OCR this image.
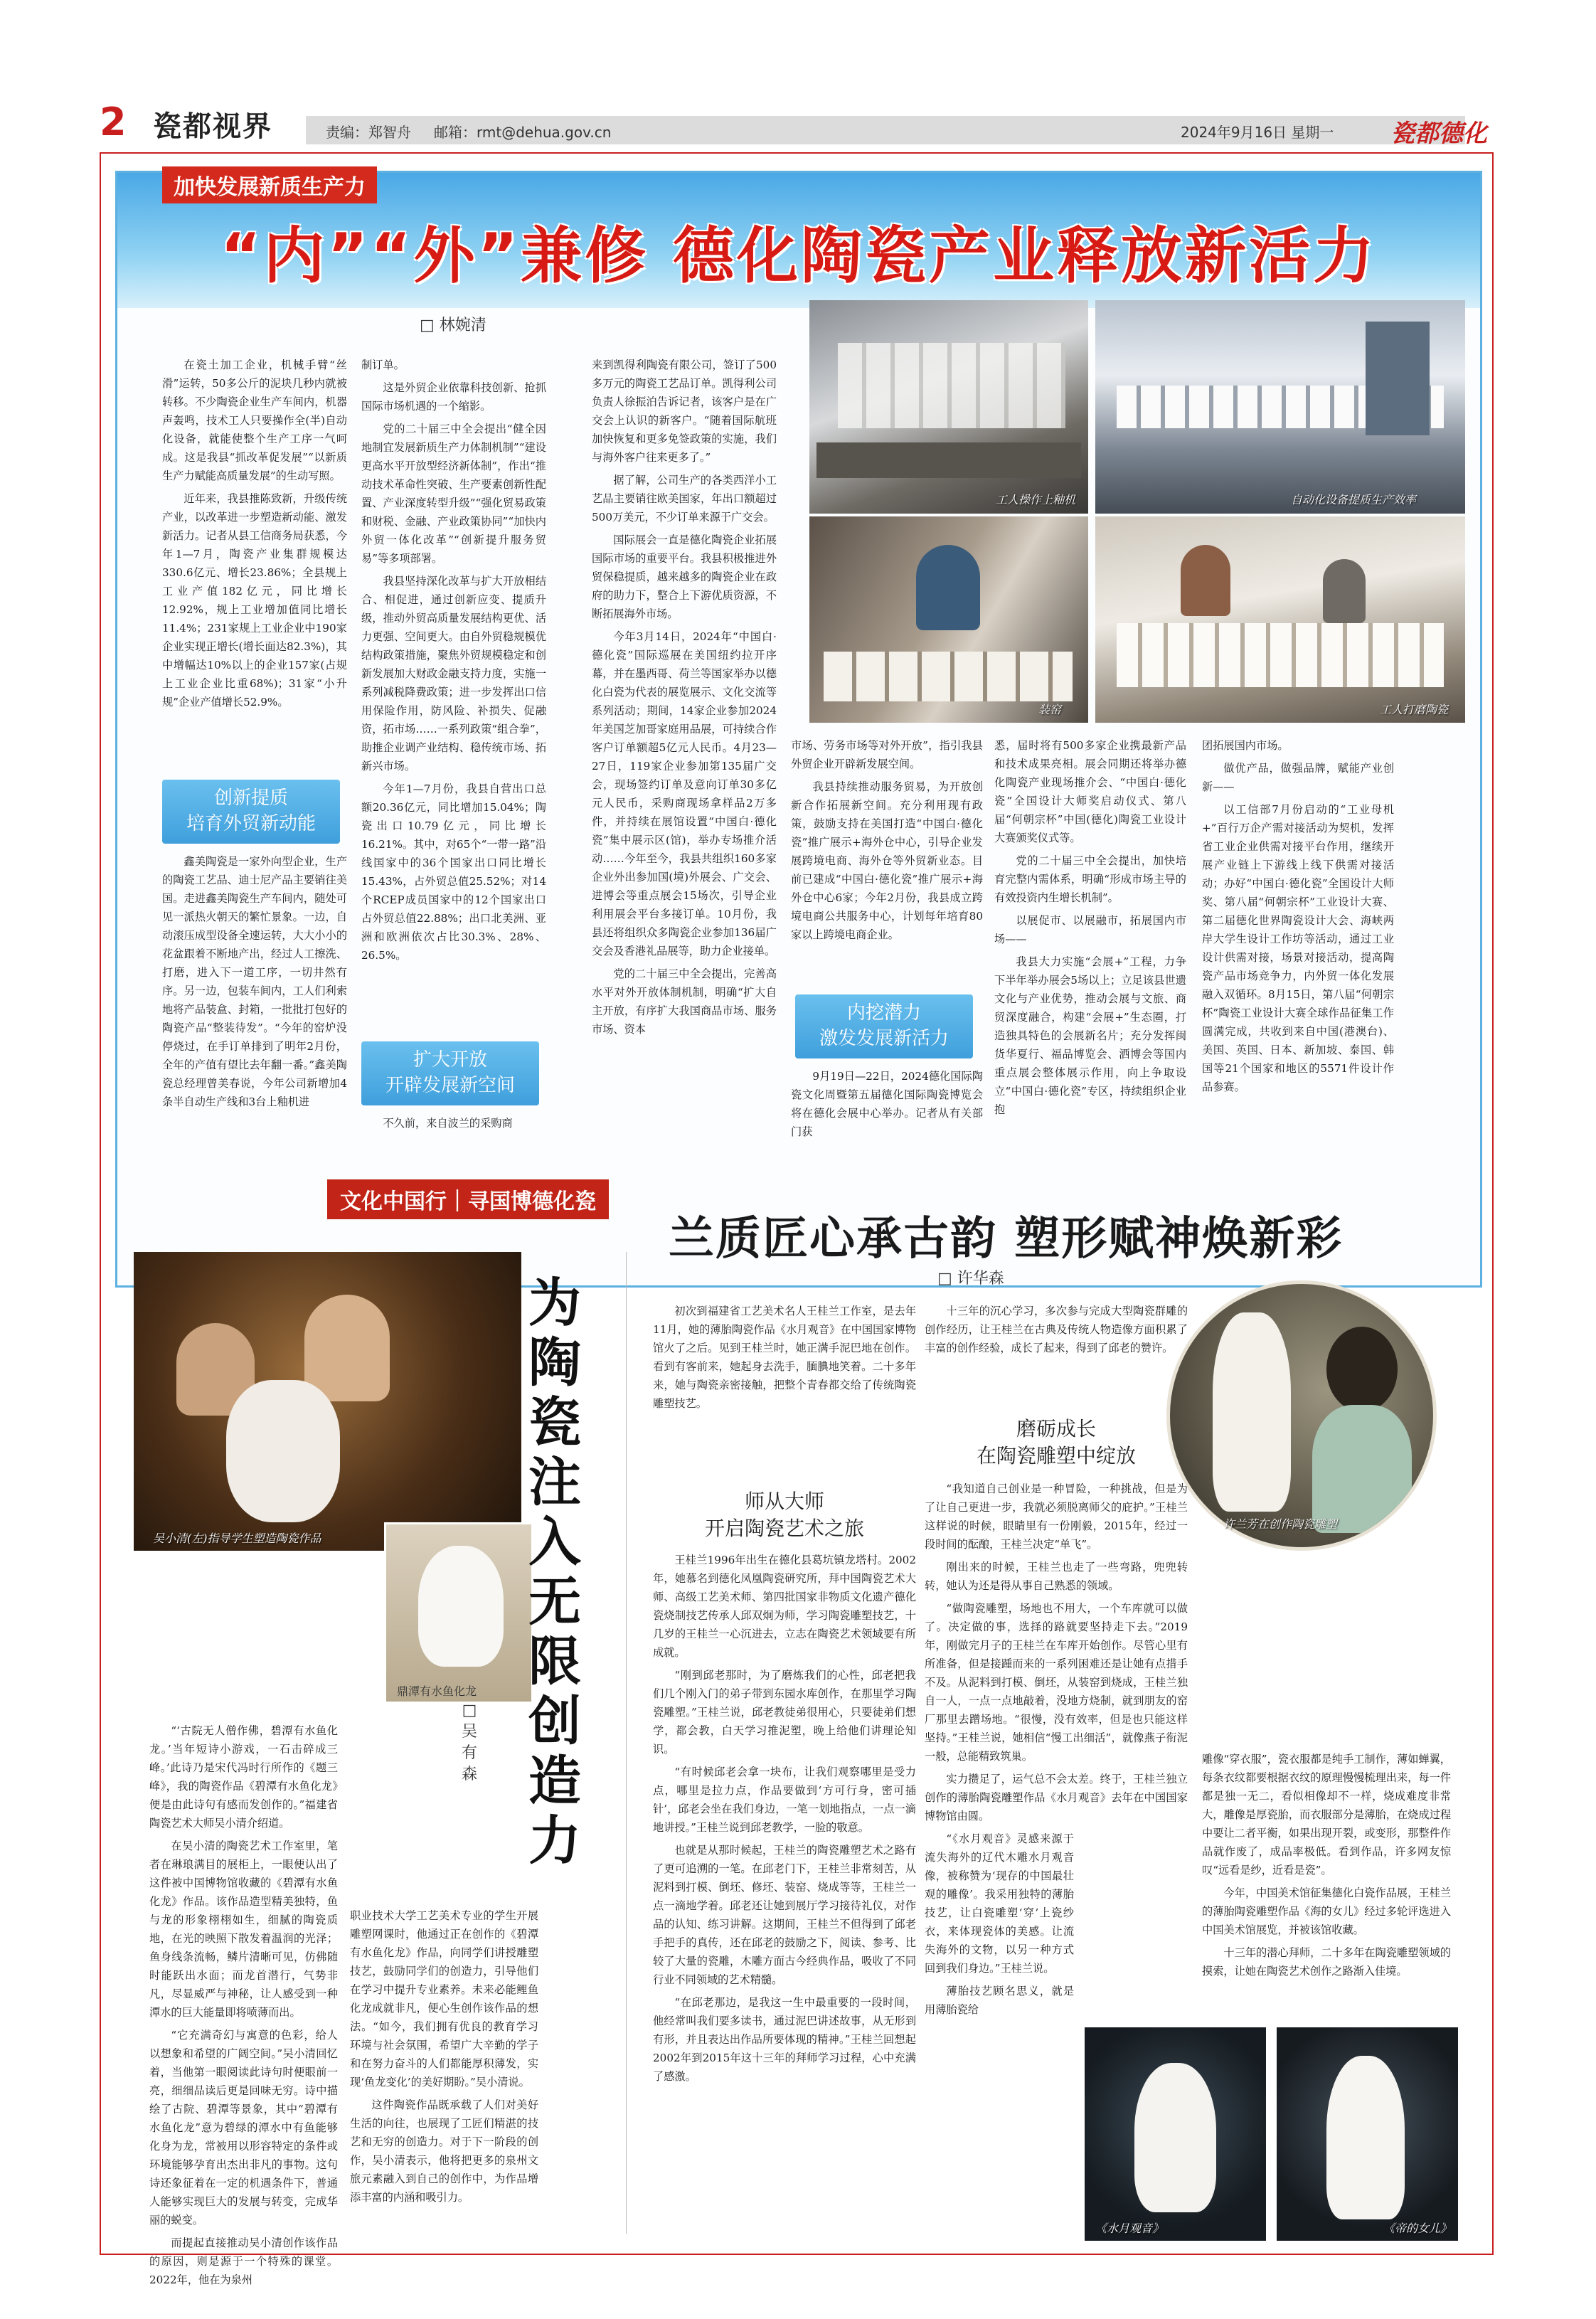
2 瓷都视界	责编：郑智舟 邮箱：rmt@dehua.gov.cn	2024年9月16日 星期一 瓷都德化
加快发展新质生产力
“内”“外”兼修 德化陶瓷产业释放新活力
□ 林婉清
工人操作上釉机	自动化设备提质生产效率
装窑	工人打磨陶瓷

在瓷土加工企业，机械手臂“丝滑”运转，50多公斤的泥块几秒内就被转移。不少陶瓷企业生产车间内，机器声轰鸣，技术工人只要操作全(半)自动化设备，就能使整个生产工序一气呵成。这是我县“抓改革促发展”“以新质生产力赋能高质量发展”的生动写照。

近年来，我县推陈致新，升级传统产业，以改革进一步塑造新动能、激发新活力。记者从县工信商务局获悉，今年1—7月，陶瓷产业集群规模达330.6亿元、增长23.86%；全县规上工业产值182亿元，同比增长12.92%，规上工业增加值同比增长11.4%；231家规上工业企业中190家企业实现正增长(增长面达82.3%)，其中增幅达10%以上的企业157家(占规上工业企业比重68%)；31家“小升规”企业产值增长52.9%。

创新提质
培育外贸新动能

鑫美陶瓷是一家外向型企业，生产的陶瓷工艺品、迪士尼产品主要销往美国。走进鑫美陶瓷生产车间内，随处可见一派热火朝天的繁忙景象。一边，自动滚压成型设备全速运转，大大小小的花盆跟着不断地产出，经过人工擦洗、打磨，进入下一道工序，一切井然有序。另一边，包装车间内，工人们利索地将产品装盒、封箱，一批批打包好的陶瓷产品“整装待发”。“今年的窑炉没停烧过，在手订单排到了明年2月份，全年的产值有望比去年翻一番。”鑫美陶瓷总经理曾美春说，今年公司新增加4条半自动生产线和3台上釉机进

制订单。

这是外贸企业依靠科技创新、抢抓国际市场机遇的一个缩影。

党的二十届三中全会提出“健全因地制宜发展新质生产力体制机制”“建设更高水平开放型经济新体制”，作出“推动技术革命性突破、生产要素创新性配置、产业深度转型升级”“强化贸易政策和财税、金融、产业政策协同”“加快内外贸一体化改革”“创新提升服务贸易”等多项部署。

我县坚持深化改革与扩大开放相结合、相促进，通过创新应变、提质升级，推动外贸高质量发展结构更优、活力更强、空间更大。由自外贸稳规模优结构政策措施，聚焦外贸规模稳定和创新发展加大财政金融支持力度，实施一系列减税降费政策；进一步发挥出口信用保险作用，防风险、补损失、促融资，拓市场……一系列政策“组合拳”，助推企业调产业结构、稳传统市场、拓新兴市场。

今年1—7月份，我县自营出口总额20.36亿元，同比增加15.04%；陶瓷出口10.79亿元，同比增长16.21%。其中，对65个“一带一路”沿线国家中的36个国家出口同比增长15.43%，占外贸总值25.52%；对14个RCEP成员国家中的12个国家出口占外贸总值22.88%；出口北美洲、亚洲和欧洲依次占比30.3%、28%、26.5%。

扩大开放
开辟发展新空间

不久前，来自波兰的采购商

来到凯得利陶瓷有限公司，签订了500多万元的陶瓷工艺品订单。凯得利公司负责人徐振泊告诉记者，该客户是在广交会上认识的新客户。“随着国际航班加快恢复和更多免签政策的实施，我们与海外客户往来更多了。”

据了解，公司生产的各类西洋小工艺品主要销往欧美国家，年出口额超过500万美元，不少订单来源于广交会。

国际展会一直是德化陶瓷企业拓展国际市场的重要平台。我县积极推进外贸保稳提质，越来越多的陶瓷企业在政府的助力下，整合上下游优质资源，不断拓展海外市场。

今年3月14日，2024年“中国白·德化瓷”国际巡展在美国纽约拉开序幕，并在墨西哥、荷兰等国家举办以德化白瓷为代表的展览展示、文化交流等系列活动；期间，14家企业参加2024年美国芝加哥家庭用品展，可持续合作客户订单额超5亿元人民币。4月23—27日，119家企业参加第135届广交会，现场签约订单及意向订单30多亿元人民币，采购商现场拿样品2万多件，并持续在展馆设置“中国白·德化瓷”集中展示区(馆)，举办专场推介活动……今年至今，我县共组织160多家企业外出参加国(境)外展会、广交会、进博会等重点展会15场次，引导企业利用展会平台多接订单。10月份，我县还将组织众多陶瓷企业参加136届广交会及香港礼品展等，助力企业接单。

党的二十届三中全会提出，完善高水平对外开放体制机制，明确“扩大自主开放，有序扩大我国商品市场、服务市场、资本

市场、劳务市场等对外开放”，指引我县外贸企业开辟新发展空间。

我县持续推动服务贸易，为开放创新合作拓展新空间。充分利用现有政策，鼓励支持在美国打造“中国白·德化瓷”推广展示+海外仓中心，引导企业发展跨境电商、海外仓等外贸新业态。目前已建成“中国白·德化瓷”推广展示+海外仓中心6家；今年2月份，我县成立跨境电商公共服务中心，计划每年培育80家以上跨境电商企业。

内挖潜力
激发发展新活力

9月19日—22日，2024德化国际陶瓷文化周暨第五届德化国际陶瓷博览会将在德化会展中心举办。记者从有关部门获

悉，届时将有500多家企业携最新产品和技术成果亮相。展会同期还将举办德化陶瓷产业现场推介会、“中国白·德化瓷”全国设计大师奖启动仪式、第八届“何朝宗杯”中国(德化)陶瓷工业设计大赛颁奖仪式等。

党的二十届三中全会提出，加快培育完整内需体系，明确“形成市场主导的有效投资内生增长机制”。

以展促市、以展融市，拓展国内市场——

我县大力实施“会展+”工程，力争下半年举办展会5场以上；立足该县世遗文化与产业优势，推动会展与文旅、商贸深度融合，构建“会展+”生态圈，打造独具特色的会展新名片；充分发挥闽货华夏行、福品博览会、洒博会等国内重点展会整体展示作用，向上争取设立“中国白·德化瓷”专区，持续组织企业抱

团拓展国内市场。

做优产品，做强品牌，赋能产业创新——

以工信部7月份启动的“工业母机+”百行万企产需对接活动为契机，发挥省工业企业供需对接平台作用，继续开展产业链上下游线上线下供需对接活动；办好“中国白·德化瓷”全国设计大师奖、第八届“何朝宗杯”工业设计大赛、第二届德化世界陶瓷设计大会、海峡两岸大学生设计工作坊等活动，通过工业设计供需对接，场景对接活动，提高陶瓷产品市场竞争力，内外贸一体化发展融入双循环。8月15日，第八届“何朝宗杯”陶瓷工业设计大赛全球作品征集工作圆满完成，共收到来自中国(港澳台)、美国、英国、日本、新加坡、泰国、韩国等21个国家和地区的5571件设计作品参赛。

文化中国行｜寻国博德化瓷
兰质匠心承古韵 塑形赋神焕新彩
□ 许华森
吴小清(左)指导学生塑造陶瓷作品
鼎潭有水鱼化龙
为陶瓷注入无限创造力
□ 吴有森

“‘古院无人僧作佛，碧潭有水鱼化龙。’当年短诗小游戏，一石击碎成三峰。’此诗乃是宋代冯时行所作的《题三峰》，我的陶瓷作品《碧潭有水鱼化龙》便是由此诗句有感而发创作的。”福建省陶瓷艺术大师吴小清介绍道。

在吴小清的陶瓷艺术工作室里，笔者在琳琅满目的展柜上，一眼便认出了这件被中国博物馆收藏的《碧潭有水鱼化龙》作品。该作品造型精美独特，鱼与龙的形象栩栩如生，细腻的陶瓷质地，在光的映照下散发着温润的光泽；鱼身线条流畅，鳞片清晰可见，仿佛随时能跃出水面；而龙首潜行，气势非凡，尽显威严与神秘，让人感受到一种潭水的巨大能量即将喷薄而出。

“它充满奇幻与寓意的色彩，给人以想象和希望的广阔空间。”吴小清回忆着，当他第一眼阅读此诗句时便眼前一亮，细细品读后更是回味无穷。诗中描绘了古院、碧潭等景象，其中“碧潭有水鱼化龙”意为碧绿的潭水中有鱼能够化身为龙，常被用以形容特定的条件或环境能够孕育出杰出非凡的事物。这句诗还象征着在一定的机遇条件下，普通人能够实现巨大的发展与转变，完成华丽的蜕变。

而提起直接推动吴小清创作该作品的原因，则是源于一个特殊的课堂。2022年，他在为泉州

职业技术大学工艺美术专业的学生开展雕塑网课时，他通过正在创作的《碧潭有水鱼化龙》作品，向同学们讲授雕塑技艺，鼓励同学们的创造力，引导他们在学习中提升专业素养。未来必能鲤鱼化龙成就非凡，便心生创作该作品的想法。“如今，我们拥有优良的教育学习环境与社会氛围，希望广大辛勤的学子和在努力奋斗的人们都能厚积薄发，实现‘鱼龙变化’的美好期盼。”吴小清说。

这件陶瓷作品既承载了人们对美好生活的向往，也展现了工匠们精湛的技艺和无穷的创造力。对于下一阶段的创作，吴小清表示，他将把更多的泉州文旅元素融入到自己的创作中，为作品增添丰富的内涵和吸引力。

初次到福建省工艺美术名人王桂兰工作室，是去年11月，她的薄胎陶瓷作品《水月观音》在中国国家博物馆火了之后。见到王桂兰时，她正满手泥巴地在创作。看到有客前来，她起身去洗手，腼腆地笑着。二十多年来，她与陶瓷亲密接触，把整个青春都交给了传统陶瓷雕塑技艺。

师从大师
开启陶瓷艺术之旅

王桂兰1996年出生在德化县葛坑镇龙塔村。2002年，她慕名到德化凤凰陶瓷研究所，拜中国陶瓷艺术大师、高级工艺美术师、第四批国家非物质文化遗产德化瓷烧制技艺传承人邱双炯为师，学习陶瓷雕塑技艺，十几岁的王桂兰一心沉进去，立志在陶瓷艺术领域要有所成就。

“刚到邱老那时，为了磨炼我们的心性，邱老把我们几个刚入门的弟子带到东园水库创作，在那里学习陶瓷雕塑。”王桂兰说，邱老教徒弟很用心，只要徒弟们想学，都会教，白天学习推泥塑，晚上给他们讲理论知识。

“有时候邱老会拿一块布，让我们观察哪里是受力点，哪里是拉力点，作品要做到‘方可行身，密可插针’，邱老会坐在我们身边，一笔一划地指点，一点一滴地讲授。”王桂兰说到邱老教学，一脸的敬意。

也就是从那时候起，王桂兰的陶瓷雕塑艺术之路有了更可追溯的一笔。在邱老门下，王桂兰非常刻苦，从泥料到打模、倒坯、修坯、装窑、烧成等等，王桂兰一点一滴地学着。邱老还让她到展厅学习接待礼仪，对作品的认知、练习讲解。这期间，王桂兰不但得到了邱老手把手的真传，还在邱老的鼓励之下，阅读、参考、比较了大量的瓷雕，木雕方面古今经典作品，吸收了不同行业不同领域的艺术精髓。

“在邱老那边，是我这一生中最重要的一段时间，他经常叫我们要多读书，通过泥巴讲述故事，从无形到有形，并且表达出作品所要体现的精神。”王桂兰回想起2002年到2015年这十三年的拜师学习过程，心中充满了感激。

十三年的沉心学习，多次参与完成大型陶瓷群雕的创作经历，让王桂兰在古典及传统人物造像方面积累了丰富的创作经验，成长了起来，得到了邱老的赞许。

磨砺成长
在陶瓷雕塑中绽放

“我知道自己创业是一种冒险，一种挑战，但是为了让自己更进一步，我就必须脱离师父的庇护。”王桂兰这样说的时候，眼睛里有一份刚毅，2015年，经过一段时间的酝酿，王桂兰决定“单飞”。

刚出来的时候，王桂兰也走了一些弯路，兜兜转转，她认为还是得从事自己熟悉的领域。

“做陶瓷雕塑，场地也不用大，一个车库就可以做了。决定做的事，选择的路就要坚持走下去。”2019年，刚做完月子的王桂兰在车库开始创作。尽管心里有所准备，但是接踵而来的一系列困难还是让她有点措手不及。从泥料到打模、倒坯，从装窑到烧成，王桂兰独自一人，一点一点地敲着，没地方烧制，就到朋友的窑厂那里去蹭场地。“很慢，没有效率，但是也只能这样坚持。”王桂兰说，她相信“慢工出细活”，就像燕子衔泥一般，总能精致筑巢。

实力攒足了，运气总不会太差。终于，王桂兰独立创作的薄胎陶瓷雕塑作品《水月观音》去年在中国国家博物馆由圆。

“《水月观音》灵感来源于流失海外的辽代木雕水月观音像，被称赞为‘现存的中国最壮观的雕像’。我采用独特的薄胎技艺，让白瓷雕塑‘穿’上瓷纱衣，来体现瓷体的美感。让流失海外的文物，以另一种方式回到我们身边。”王桂兰说。

薄胎技艺顾名思义，就是用薄胎瓷给

许兰芳在创作陶瓷雕塑

雕像“穿衣服”，瓷衣服都是纯手工制作，薄如蝉翼，每条衣纹都要根据衣纹的原理慢慢梳理出来，每一件都是独一无二，看似相像却不一样，烧成难度非常大，雕像是厚瓷胎，而衣服部分是薄胎，在烧成过程中要让二者平衡，如果出现开裂，或变形，那整件作品就作废了，成品率极低。看到作品，许多网友惊叹“远看是纱，近看是瓷”。

今年，中国美术馆征集德化白瓷作品展，王桂兰的薄胎陶瓷雕塑作品《海的女儿》经过多轮评选进入中国美术馆展览，并被该馆收藏。

十三年的潜心拜师，二十多年在陶瓷雕塑领域的摸索，让她在陶瓷艺术创作之路渐入佳境。

《水月观音》	《帝的女儿》
